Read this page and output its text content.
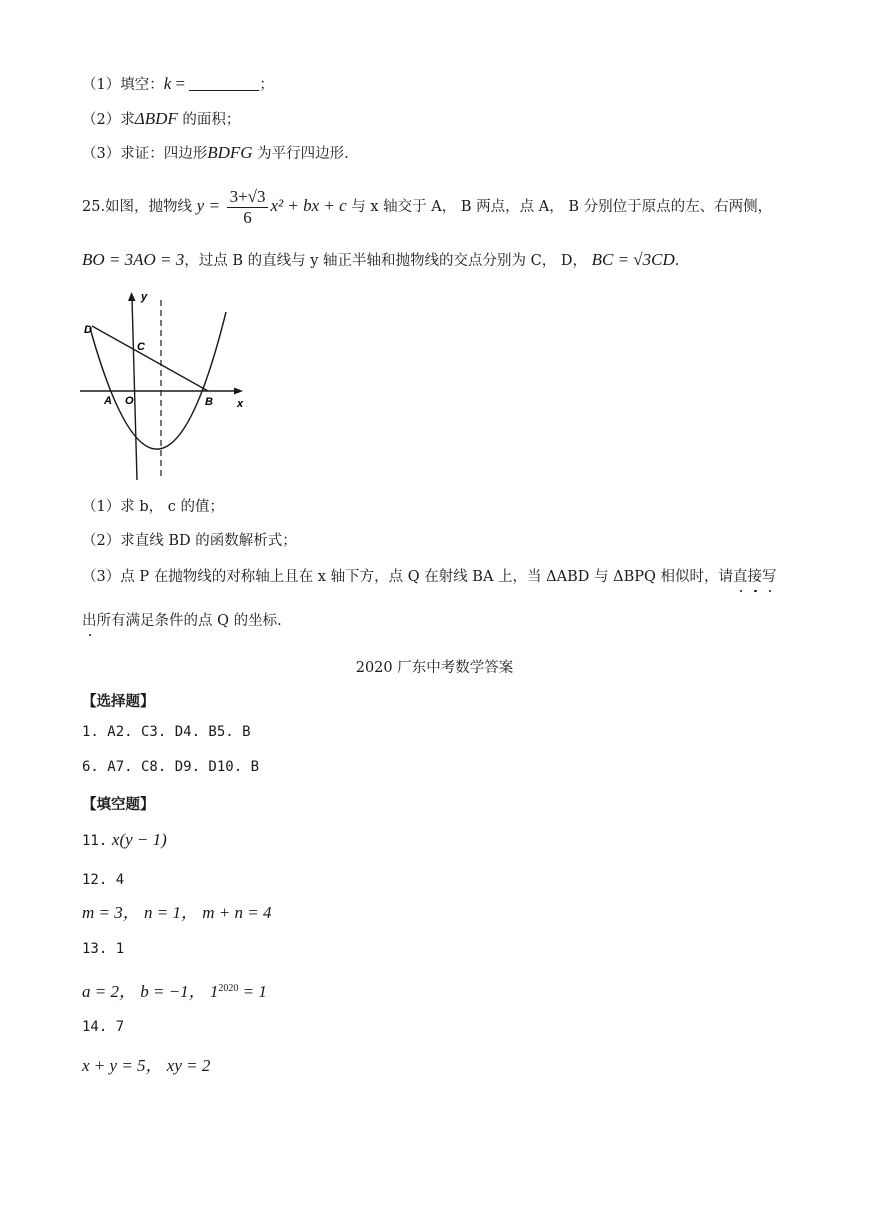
（1）填空：k =	；
（2）求ΔBDF 的面积；
（3）求证：四边形BDFG 为平行四边形.
25.如图，抛物线 $y = \frac{3+√3}{6} x^2$ + bx + c 与 x 轴交于 A， B 两点，点 A， B 分别位于原点的左、右两侧，
BO = 3AO = 3，过点 B 的直线与 y 轴正半轴和抛物线的交点分别为 C， D， BC = √3CD.
y
x
D
C
A O	B
（1）求 b， c 的值；
（2）求直线 BD 的函数解析式；
（3）点 P 在抛物线的对称轴上且在 x 轴下方，点 Q 在射线 BA 上，当 ΔABD 与 ΔBPQ 相似时，请直接写
出所有满足条件的点 Q 的坐标.
2020 厂东中考数学答案
【选择题】
1. A2. C3. D4. B5. B
6. A7. C8. D9. D10. B
【填空题】
11. x(y − 1)
12. 4
m = 3， n = 1， m + n = 4
13. 1
a = 2， b = −1， $1^{2020} = 1$
14. 7
x + y = 5， xy = 2
